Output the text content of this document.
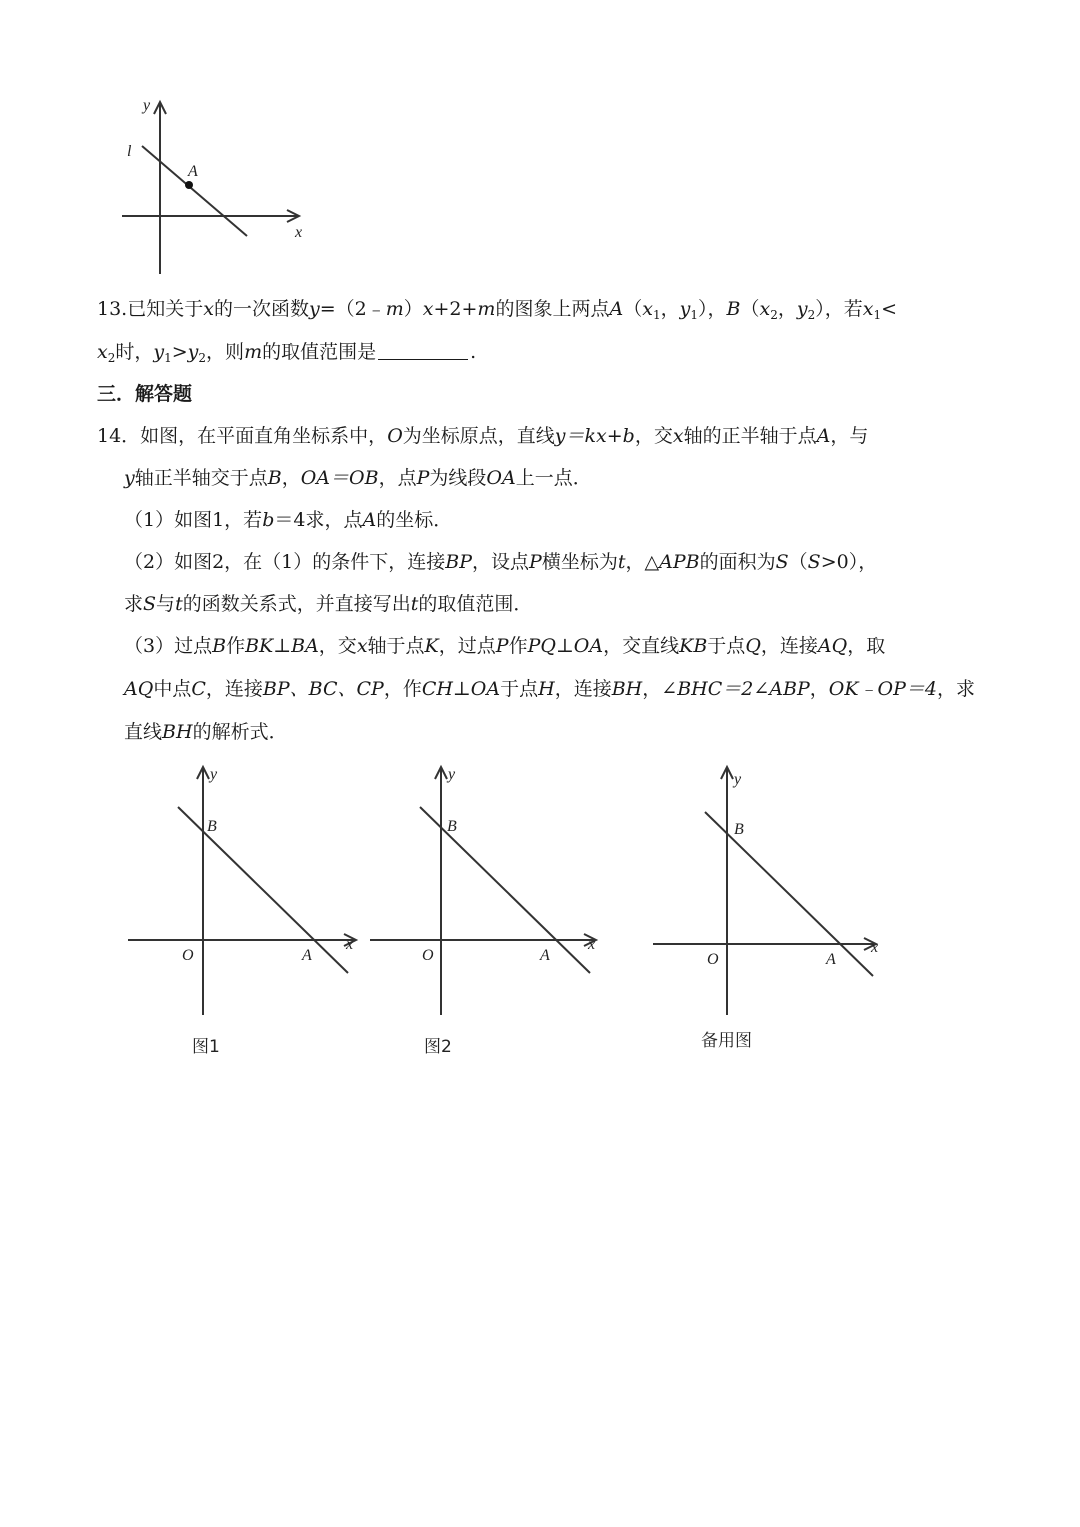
y
x
l
A
13.已知关于x的一次函数y=（2﹣m）x+2+m的图象上两点$A(x_1$，$y_1$），$B(x_2$，$y_2$），若$x_1<$
$x_2$时，$y_1>y_2$，则m的取值范围是	.
三．解答题
14．如图，在平面直角坐标系中，O为坐标原点，直线y＝kx+b，交x轴的正半轴于点A，与
y轴正半轴交于点B，OA＝OB，点P为线段OA上一点．
（1）如图1，若b＝4求，点A的坐标．
（2）如图2，在（1）的条件下，连接BP，设点P横坐标为t，△APB的面积为S（S>0），
求S与t的函数关系式，并直接写出t的取值范围．
（3）过点B作BK⊥BA，交x轴于点K，过点P作PQ⊥OA，交直线KB于点Q，连接AQ，取
AQ中点C，连接BP、BC、CP，作CH⊥OA于点H，连接BH，∠BHC＝2∠ABP，OK﹣OP＝4，求
直线BH的解析式．
y
x
B
O	A
图1
y
x
B
O	A
图2
y
x
B
O	A
备用图
